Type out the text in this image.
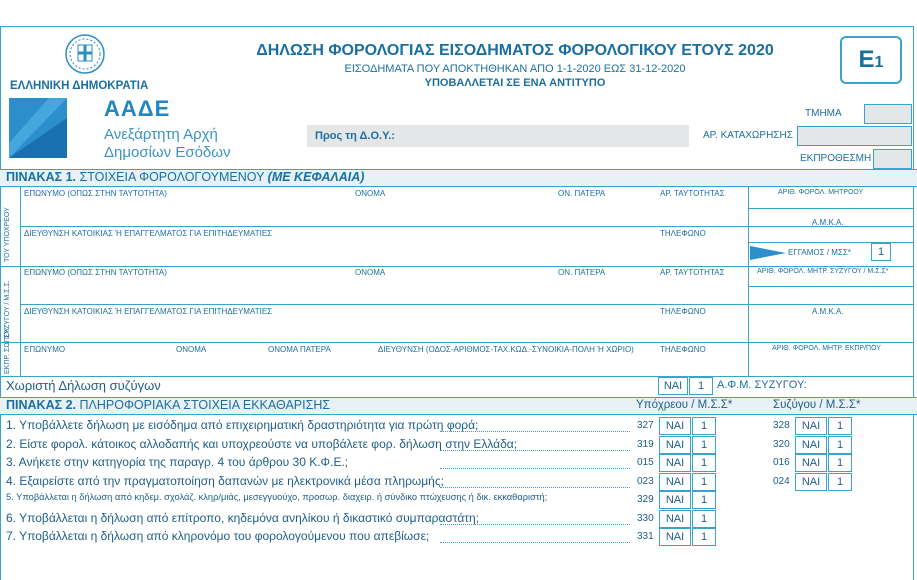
ΕΛΛΗΝΙΚΗ ΔΗΜΟΚΡΑΤΙΑ
ΑΑΔΕ
Ανεξάρτητη Αρχή
Δημοσίων Εσόδων
ΔΗΛΩΣΗ ΦΟΡΟΛΟΓΙΑΣ ΕΙΣΟΔΗΜΑΤΟΣ ΦΟΡΟΛΟΓΙΚΟΥ ΕΤΟΥΣ 2020
ΕΙΣΟΔΗΜΑΤΑ ΠΟΥ ΑΠΟΚΤΗΘΗΚΑΝ ΑΠΟ 1-1-2020 ΕΩΣ 31-12-2020
ΥΠΟΒΑΛΛΕΤΑΙ ΣΕ ΕΝΑ ΑΝΤΙΤΥΠΟ
Ε1
Προς τη Δ.Ο.Υ.:
ΤΜΗΜΑ
ΑΡ. ΚΑΤΑΧΩΡΗΣΗΣ
ΕΚΠΡΟΘΕΣΜΗ
ΠΙΝΑΚΑΣ 1. ΣΤΟΙΧΕΙΑ ΦΟΡΟΛΟΓΟΥΜΕΝΟΥ (ΜΕ ΚΕΦΑΛΑΙΑ)
ΤΟΥ ΥΠΟΧΡΕΟΥ
ΣΥΖΥΓΟΥ / Μ.Σ.Σ.
ΕΚΠΡ. ΣΩΠΟΥ
ΕΠΩΝΥΜΟ (ΟΠΩΣ ΣΤΗΝ ΤΑΥΤΟΤΗΤΑ)	ΟΝΟΜΑ	ΟΝ. ΠΑΤΕΡΑ	ΑΡ. ΤΑΥΤΟΤΗΤΑΣ	ΑΡΙΘ. ΦΟΡΟΛ. ΜΗΤΡΩΟΥ
Α.Μ.Κ.Α.
ΔΙΕΥΘΥΝΣΗ ΚΑΤΟΙΚΙΑΣ Ή ΕΠΑΓΓΕΛΜΑΤΟΣ ΓΙΑ ΕΠΙΤΗΔΕΥΜΑΤΙΕΣ	ΤΗΛΕΦΩΝΟ
ΕΓΓΑΜΟΣ / ΜΣΣ*	1
ΕΠΩΝΥΜΟ (ΟΠΩΣ ΣΤΗΝ ΤΑΥΤΟΤΗΤΑ)	ΟΝΟΜΑ	ΟΝ. ΠΑΤΕΡΑ	ΑΡ. ΤΑΥΤΟΤΗΤΑΣ	ΑΡΙΘ. ΦΟΡΟΛ. ΜΗΤΡ. ΣΥΖΥΓΟΥ / Μ.Σ.Σ*
Α.Μ.Κ.Α.
ΔΙΕΥΘΥΝΣΗ ΚΑΤΟΙΚΙΑΣ Ή ΕΠΑΓΓΕΛΜΑΤΟΣ ΓΙΑ ΕΠΙΤΗΔΕΥΜΑΤΙΕΣ	ΤΗΛΕΦΩΝΟ
ΕΠΩΝΥΜΟ	ΟΝΟΜΑ	ΟΝΟΜΑ ΠΑΤΕΡΑ	ΔΙΕΥΘΥΝΣΗ (ΟΔΟΣ-ΑΡΙΘΜΟΣ-ΤΑΧ.ΚΩΔ.-ΣΥΝΟΙΚΙΑ-ΠΟΛΗ Ή ΧΩΡΙΟ)	ΤΗΛΕΦΩΝΟ	ΑΡΙΘ. ΦΟΡΟΛ. ΜΗΤΡ. ΕΚΠΡ/ΠΟΥ
Χωριστή Δήλωση συζύγων	ΝΑΙ	1	Α.Φ.Μ. ΣΥΖΥΓΟΥ:
ΠΙΝΑΚΑΣ 2. ΠΛΗΡΟΦΟΡΙΑΚΑ ΣΤΟΙΧΕΙΑ ΕΚΚΑΘΑΡΙΣΗΣ	Υπόχρεου / Μ.Σ.Σ*	Συζύγου / Μ.Σ.Σ*
1. Υποβάλλετε δήλωση με εισόδημα από επιχειρηματική δραστηριότητα για πρώτη φορά;	327	ΝΑΙ	1	328	ΝΑΙ	1
2. Είστε φορολ. κάτοικος αλλοδαπής και υποχρεούστε να υποβάλετε φορ. δήλωση στην Ελλάδα;	319	ΝΑΙ	1	320	ΝΑΙ	1
3. Ανήκετε στην κατηγορία της παραγρ. 4 του άρθρου 30 Κ.Φ.Ε.;	015	ΝΑΙ	1	016	ΝΑΙ	1
4. Εξαιρείστε από την πραγματοποίηση δαπανών με ηλεκτρονικά μέσα πληρωμής;	023	ΝΑΙ	1	024	ΝΑΙ	1
5. Υποβάλλεται η δήλωση από κηδεμ. σχολάζ. κληρ/μιάς, μεσεγγυούχο, προσωρ. διαχειρ. ή σύνδικο πτώχευσης ή δικ. εκκαθαριστή;	329	ΝΑΙ	1
6. Υποβάλλεται η δήλωση από επίτροπο, κηδεμόνα ανηλίκου ή δικαστικό συμπαραστάτη;	330	ΝΑΙ	1
7. Υποβάλλεται η δήλωση από κληρονόμο του φορολογούμενου που απεβίωσε;	331	ΝΑΙ	1
